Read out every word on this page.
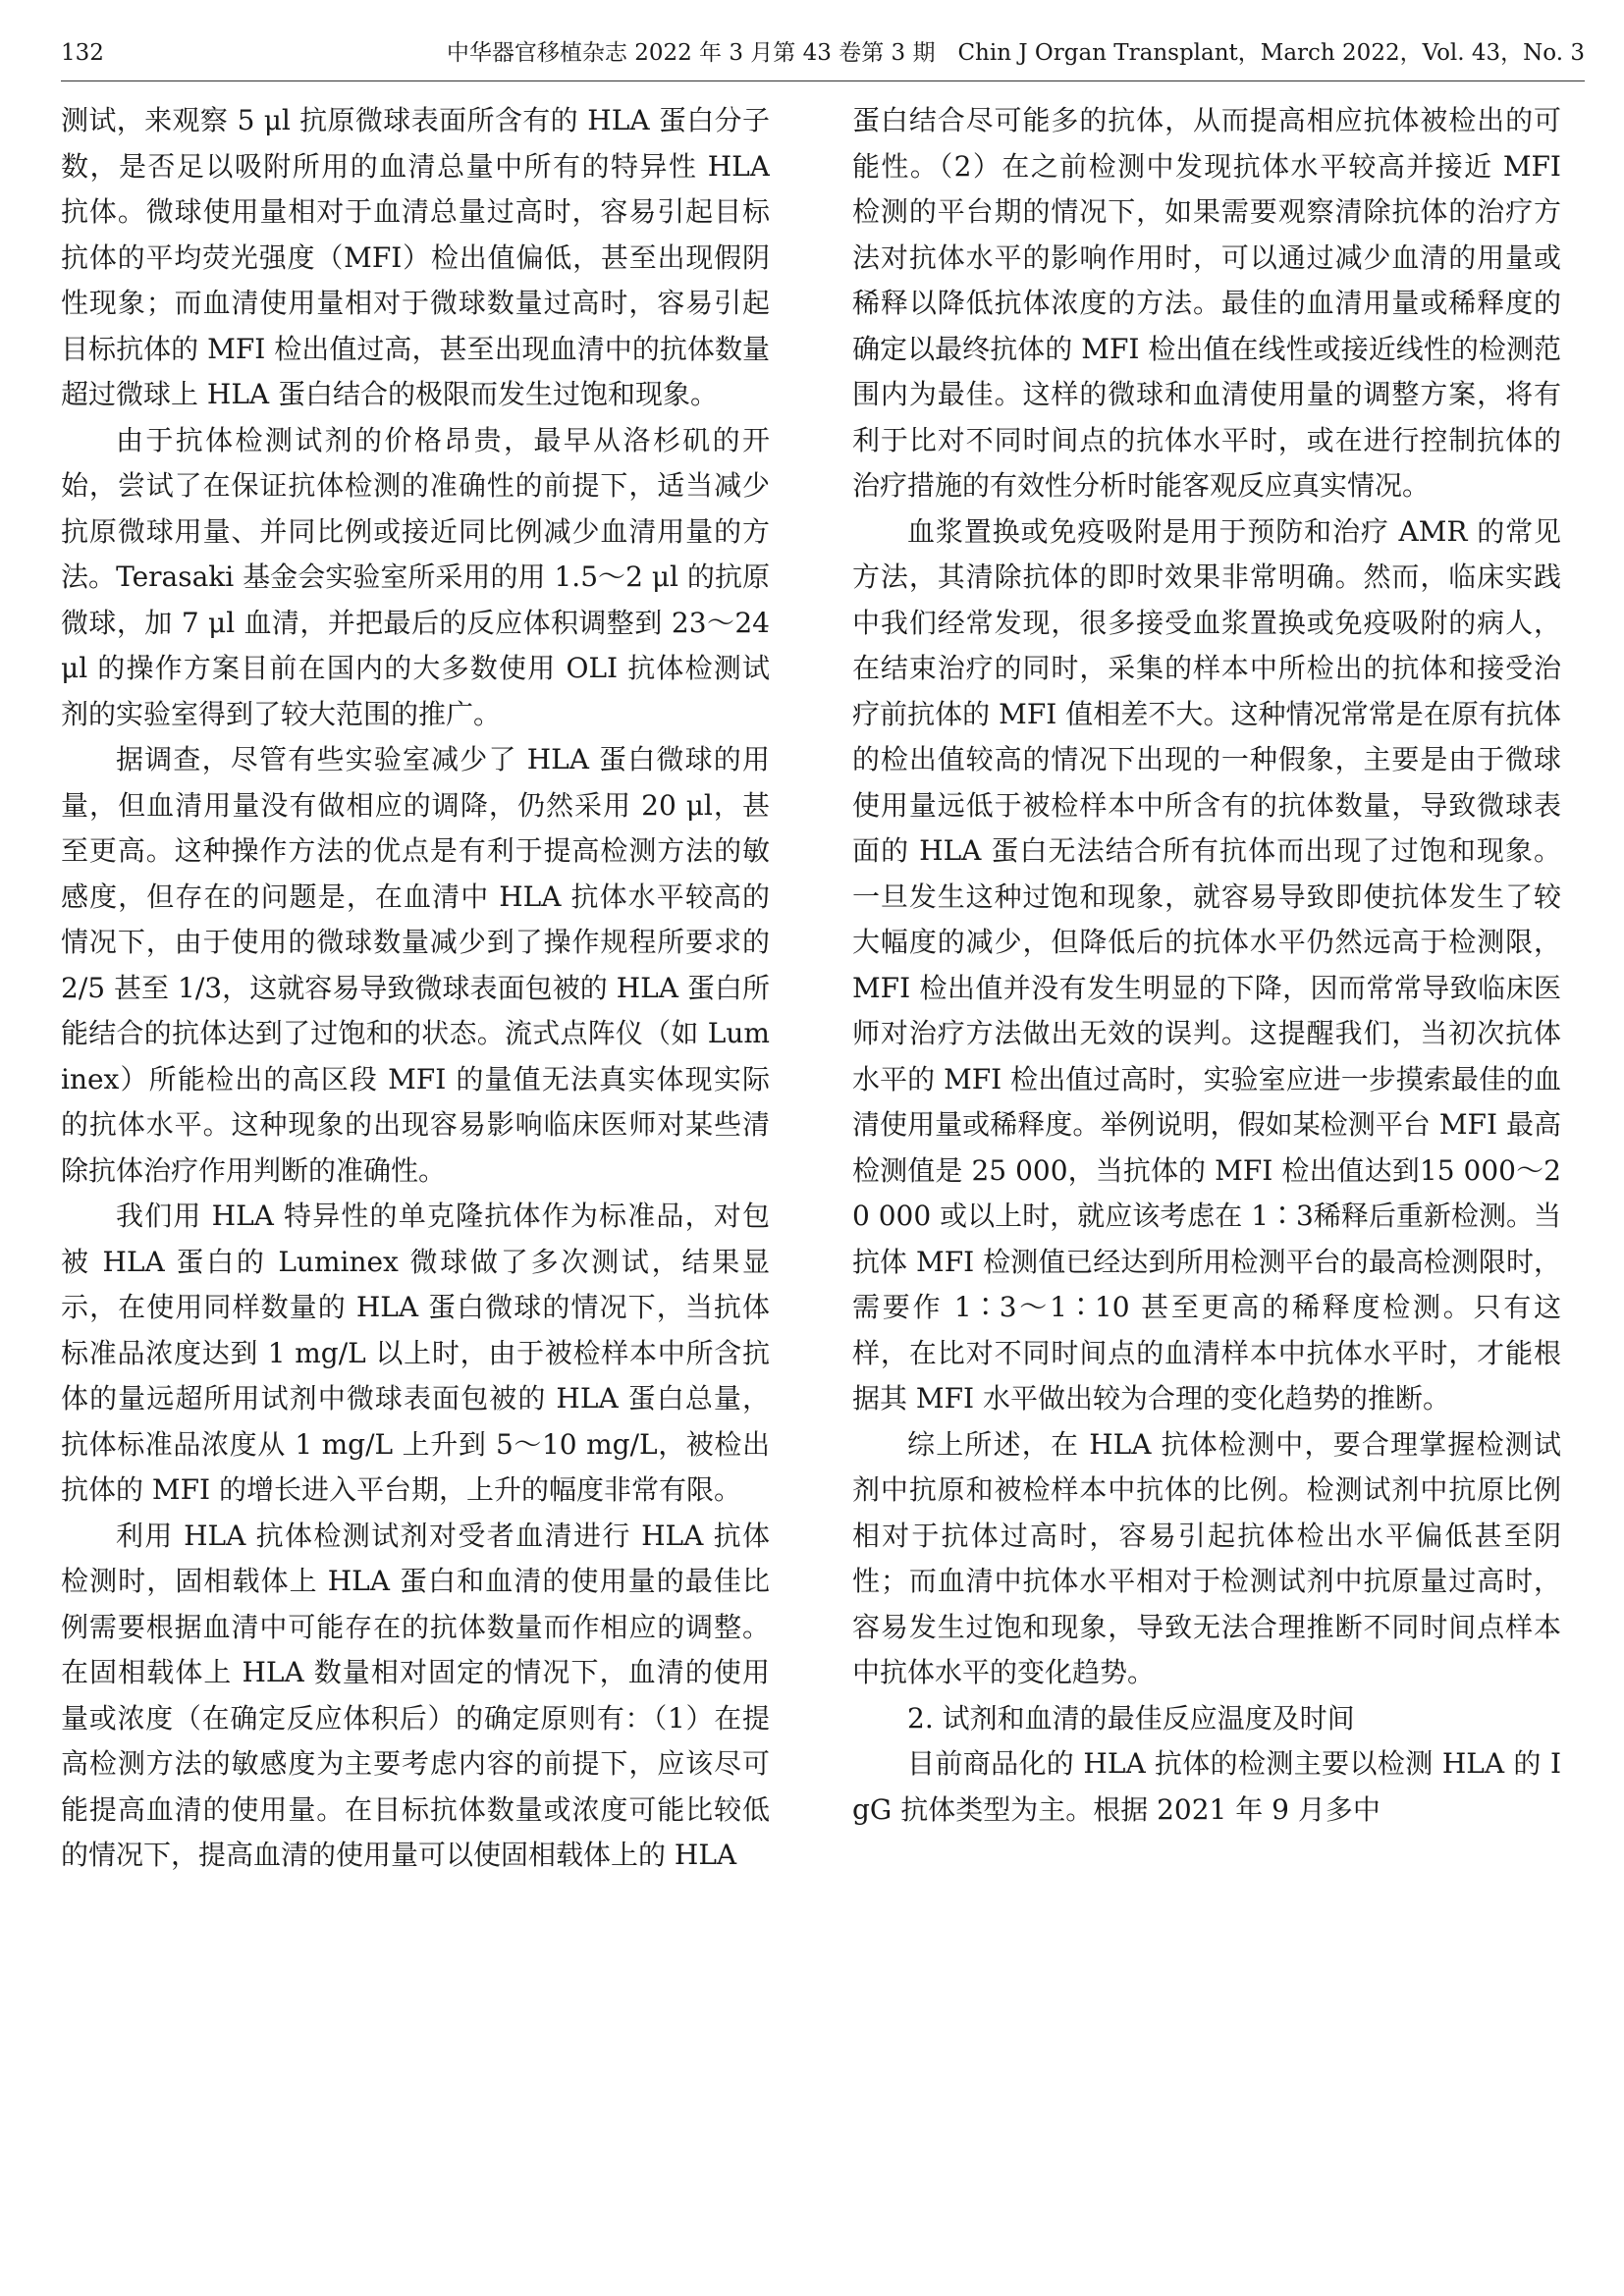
132	中华器官移植杂志 2022 年 3 月第 43 卷第 3 期　Chin J Organ Transplant，March 2022，Vol. 43，No. 3

测试，来观察 5 μl 抗原微球表面所含有的 HLA 蛋白分子数，是否足以吸附所用的血清总量中所有的特异性 HLA 抗体。微球使用量相对于血清总量过高时，容易引起目标抗体的平均荧光强度（MFI）检出值偏低，甚至出现假阴性现象；而血清使用量相对于微球数量过高时，容易引起目标抗体的 MFI 检出值过高，甚至出现血清中的抗体数量超过微球上 HLA 蛋白结合的极限而发生过饱和现象。

由于抗体检测试剂的价格昂贵，最早从洛杉矶的开始，尝试了在保证抗体检测的准确性的前提下，适当减少抗原微球用量、并同比例或接近同比例减少血清用量的方法。Terasaki 基金会实验室所采用的用 1.5～2 μl 的抗原微球，加 7 μl 血清，并把最后的反应体积调整到 23～24 μl 的操作方案目前在国内的大多数使用 OLI 抗体检测试剂的实验室得到了较大范围的推广。

据调查，尽管有些实验室减少了 HLA 蛋白微球的用量，但血清用量没有做相应的调降，仍然采用 20 μl，甚至更高。这种操作方法的优点是有利于提高检测方法的敏感度，但存在的问题是，在血清中 HLA 抗体水平较高的情况下，由于使用的微球数量减少到了操作规程所要求的 2/5 甚至 1/3，这就容易导致微球表面包被的 HLA 蛋白所能结合的抗体达到了过饱和的状态。流式点阵仪（如 Luminex）所能检出的高区段 MFI 的量值无法真实体现实际的抗体水平。这种现象的出现容易影响临床医师对某些清除抗体治疗作用判断的准确性。

我们用 HLA 特异性的单克隆抗体作为标准品，对包被 HLA 蛋白的 Luminex 微球做了多次测试，结果显示，在使用同样数量的 HLA 蛋白微球的情况下，当抗体标准品浓度达到 1 mg/L 以上时，由于被检样本中所含抗体的量远超所用试剂中微球表面包被的 HLA 蛋白总量，抗体标准品浓度从 1 mg/L 上升到 5～10 mg/L，被检出抗体的 MFI 的增长进入平台期，上升的幅度非常有限。

利用 HLA 抗体检测试剂对受者血清进行 HLA 抗体检测时，固相载体上 HLA 蛋白和血清的使用量的最佳比例需要根据血清中可能存在的抗体数量而作相应的调整。在固相载体上 HLA 数量相对固定的情况下，血清的使用量或浓度（在确定反应体积后）的确定原则有：（1）在提高检测方法的敏感度为主要考虑内容的前提下，应该尽可能提高血清的使用量。在目标抗体数量或浓度可能比较低的情况下，提高血清的使用量可以使固相载体上的 HLA

蛋白结合尽可能多的抗体，从而提高相应抗体被检出的可能性。（2）在之前检测中发现抗体水平较高并接近 MFI 检测的平台期的情况下，如果需要观察清除抗体的治疗方法对抗体水平的影响作用时，可以通过减少血清的用量或稀释以降低抗体浓度的方法。最佳的血清用量或稀释度的确定以最终抗体的 MFI 检出值在线性或接近线性的检测范围内为最佳。这样的微球和血清使用量的调整方案，将有利于比对不同时间点的抗体水平时，或在进行控制抗体的治疗措施的有效性分析时能客观反应真实情况。

血浆置换或免疫吸附是用于预防和治疗 AMR 的常见方法，其清除抗体的即时效果非常明确。然而，临床实践中我们经常发现，很多接受血浆置换或免疫吸附的病人，在结束治疗的同时，采集的样本中所检出的抗体和接受治疗前抗体的 MFI 值相差不大。这种情况常常是在原有抗体的检出值较高的情况下出现的一种假象，主要是由于微球使用量远低于被检样本中所含有的抗体数量，导致微球表面的 HLA 蛋白无法结合所有抗体而出现了过饱和现象。一旦发生这种过饱和现象，就容易导致即使抗体发生了较大幅度的减少，但降低后的抗体水平仍然远高于检测限，MFI 检出值并没有发生明显的下降，因而常常导致临床医师对治疗方法做出无效的误判。这提醒我们，当初次抗体水平的 MFI 检出值过高时，实验室应进一步摸索最佳的血清使用量或稀释度。举例说明，假如某检测平台 MFI 最高检测值是 25 000，当抗体的 MFI 检出值达到15 000～20 000 或以上时，就应该考虑在 1∶3稀释后重新检测。当抗体 MFI 检测值已经达到所用检测平台的最高检测限时，需要作 1∶3～1∶10 甚至更高的稀释度检测。只有这样，在比对不同时间点的血清样本中抗体水平时，才能根据其 MFI 水平做出较为合理的变化趋势的推断。

综上所述，在 HLA 抗体检测中，要合理掌握检测试剂中抗原和被检样本中抗体的比例。检测试剂中抗原比例相对于抗体过高时，容易引起抗体检出水平偏低甚至阴性；而血清中抗体水平相对于检测试剂中抗原量过高时，容易发生过饱和现象，导致无法合理推断不同时间点样本中抗体水平的变化趋势。

2. 试剂和血清的最佳反应温度及时间

目前商品化的 HLA 抗体的检测主要以检测 HLA 的 IgG 抗体类型为主。根据 2021 年 9 月多中
